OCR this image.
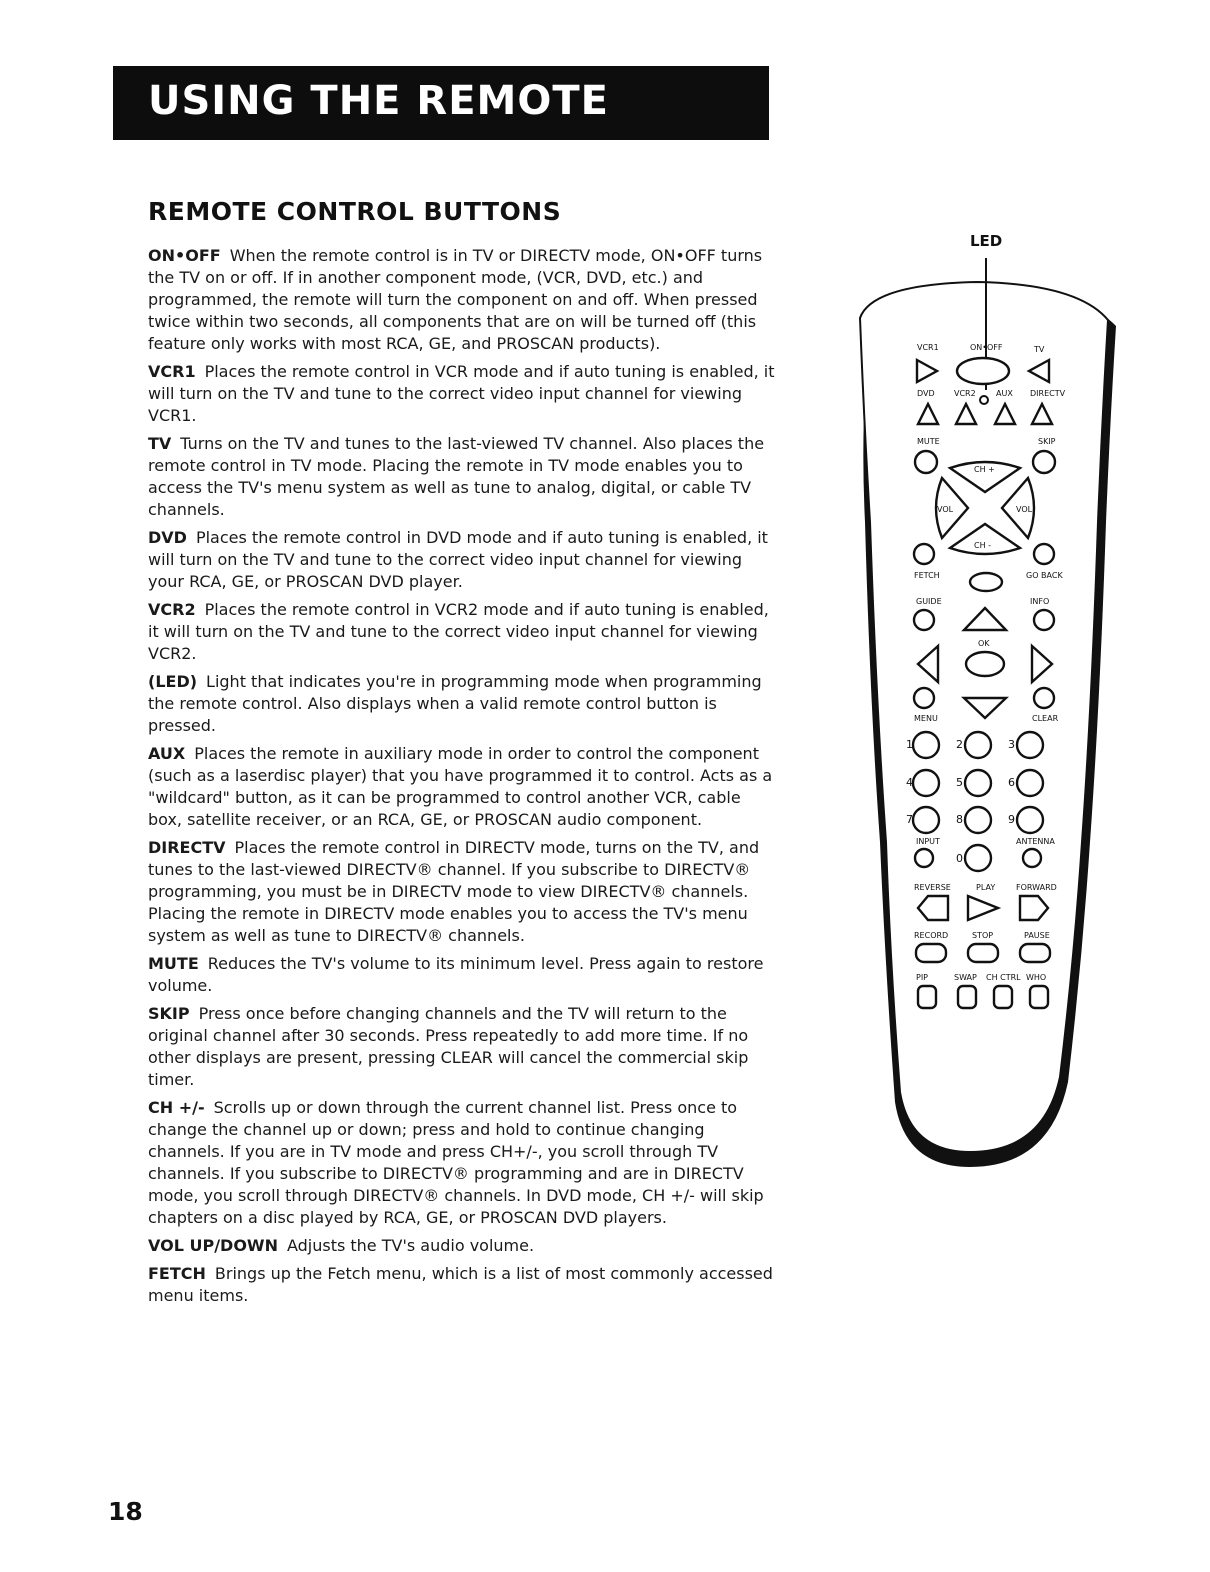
USING THE REMOTE
REMOTE CONTROL BUTTONS

ON•OFF When the remote control is in TV or DIRECTV mode, ON•OFF turns the TV on or off. If in another component mode, (VCR, DVD, etc.) and programmed, the remote will turn the component on and off. When pressed twice within two seconds, all components that are on will be turned off (this feature only works with most RCA, GE, and PROSCAN products).

VCR1 Places the remote control in VCR mode and if auto tuning is enabled, it will turn on the TV and tune to the correct video input channel for viewing VCR1.

TV Turns on the TV and tunes to the last-viewed TV channel. Also places the remote control in TV mode. Placing the remote in TV mode enables you to access the TV's menu system as well as tune to analog, digital, or cable TV channels.

DVD Places the remote control in DVD mode and if auto tuning is enabled, it will turn on the TV and tune to the correct video input channel for viewing your RCA, GE, or PROSCAN DVD player.

VCR2 Places the remote control in VCR2 mode and if auto tuning is enabled, it will turn on the TV and tune to the correct video input channel for viewing VCR2.

(LED) Light that indicates you're in programming mode when programming the remote control. Also displays when a valid remote control button is pressed.

AUX Places the remote in auxiliary mode in order to control the component (such as a laserdisc player) that you have programmed it to control. Acts as a "wildcard" button, as it can be programmed to control another VCR, cable box, satellite receiver, or an RCA, GE, or PROSCAN audio component.

DIRECTV Places the remote control in DIRECTV mode, turns on the TV, and tunes to the last-viewed DIRECTV® channel. If you subscribe to DIRECTV® programming, you must be in DIRECTV mode to view DIRECTV® channels. Placing the remote in DIRECTV mode enables you to access the TV's menu system as well as tune to DIRECTV® channels.

MUTE Reduces the TV's volume to its minimum level. Press again to restore volume.

SKIP Press once before changing channels and the TV will return to the original channel after 30 seconds. Press repeatedly to add more time. If no other displays are present, pressing CLEAR will cancel the commercial skip timer.

CH +/- Scrolls up or down through the current channel list. Press once to change the channel up or down; press and hold to continue changing channels. If you are in TV mode and press CH+/-, you scroll through TV channels. If you subscribe to DIRECTV® programming and are in DIRECTV mode, you scroll through DIRECTV® channels. In DVD mode, CH +/- will skip chapters on a disc played by RCA, GE, or PROSCAN DVD players.

VOL UP/DOWN Adjusts the TV's audio volume.

FETCH Brings up the Fetch menu, which is a list of most commonly accessed menu items.

LED
VCR1	ON•OFF	TV
DVD VCR2	AUX DIRECTV
MUTE	SKIP
CH +
CH -
VOL	VOL
FETCH	GO BACK
GUIDE	INFO
OK
MENU	CLEAR
1	2	3
4	5	6
7	8	9
INPUT	ANTENNA
0
REVERSE	PLAY	FORWARD
RECORD	STOP	PAUSE
PIP	SWAP CH CTRL WHO
18
